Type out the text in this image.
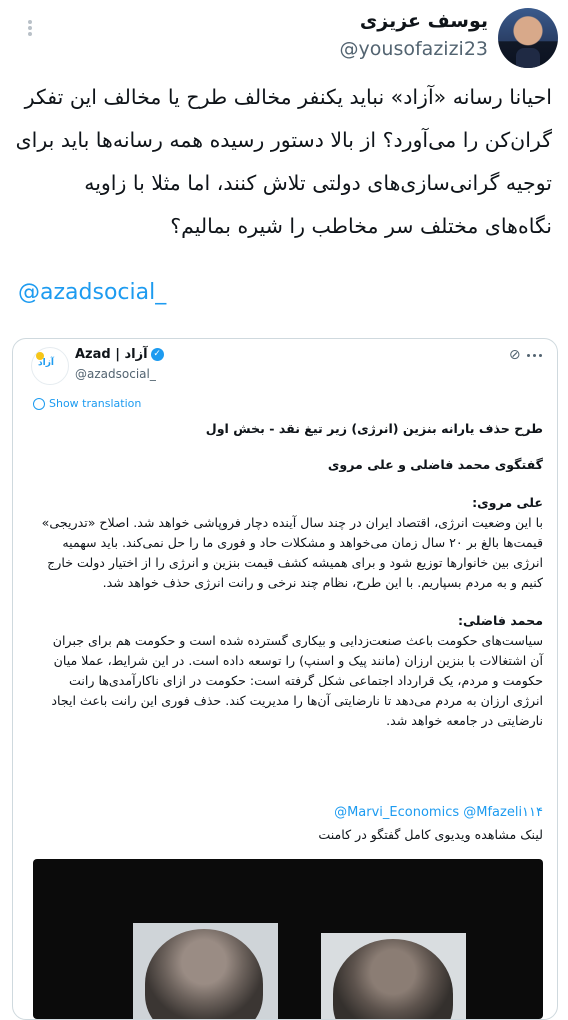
یوسف عزیزی
@yousofazizi23
احیانا رسانه «آزاد» نباید یکنفر مخالف طرح یا مخالف این تفکر گران‌کن را می‌آورد؟ از بالا دستور رسیده همه رسانه‌ها باید برای توجیه گرانی‌سازی‌های دولتی تلاش کنند، اما مثلا با زاویه نگاه‌های مختلف سر مخاطب را شیره بمالیم؟
@azadsocial_
آزاد
Azad | آزاد ✓
@azadsocial_
⊘
Show translation
طرح حذف یارانه بنزین (انرژی) زیر تیغ نقد - بخش اول
گفتگوی محمد فاضلی و علی مروی
علی مروی:
با این وضعیت انرژی، اقتصاد ایران در چند سال آینده دچار فروپاشی خواهد شد. اصلاح «تدریجی» قیمت‌ها بالغ بر ۲۰ سال زمان می‌خواهد و مشکلات حاد و فوری ما را حل نمی‌کند. باید سهمیه انرژی بین خانوارها توزیع شود و برای همیشه کشف قیمت بنزین و انرژی را از اختیار دولت خارج کنیم و به مردم بسپاریم. با این طرح، نظام چند نرخی و رانت انرژی حذف خواهد شد.
محمد فاضلی:
سیاست‌های حکومت باعث صنعت‌زدایی و بیکاری گسترده شده است و حکومت هم برای جبران آن اشتغالات با بنزین ارزان (مانند پیک و اسنپ) را توسعه داده است. در این شرایط، عملا میان حکومت و مردم، یک قرارداد اجتماعی شکل گرفته است: حکومت در ازای ناکارآمدی‌ها رانت انرژی ارزان به مردم می‌دهد تا نارضایتی آن‌ها را مدیریت کند. حذف فوری این رانت باعث ایجاد نارضایتی در جامعه خواهد شد.
@Marvi_Economics @Mfazeli۱۱۴
لینک مشاهده ویدیوی کامل گفتگو در کامنت
